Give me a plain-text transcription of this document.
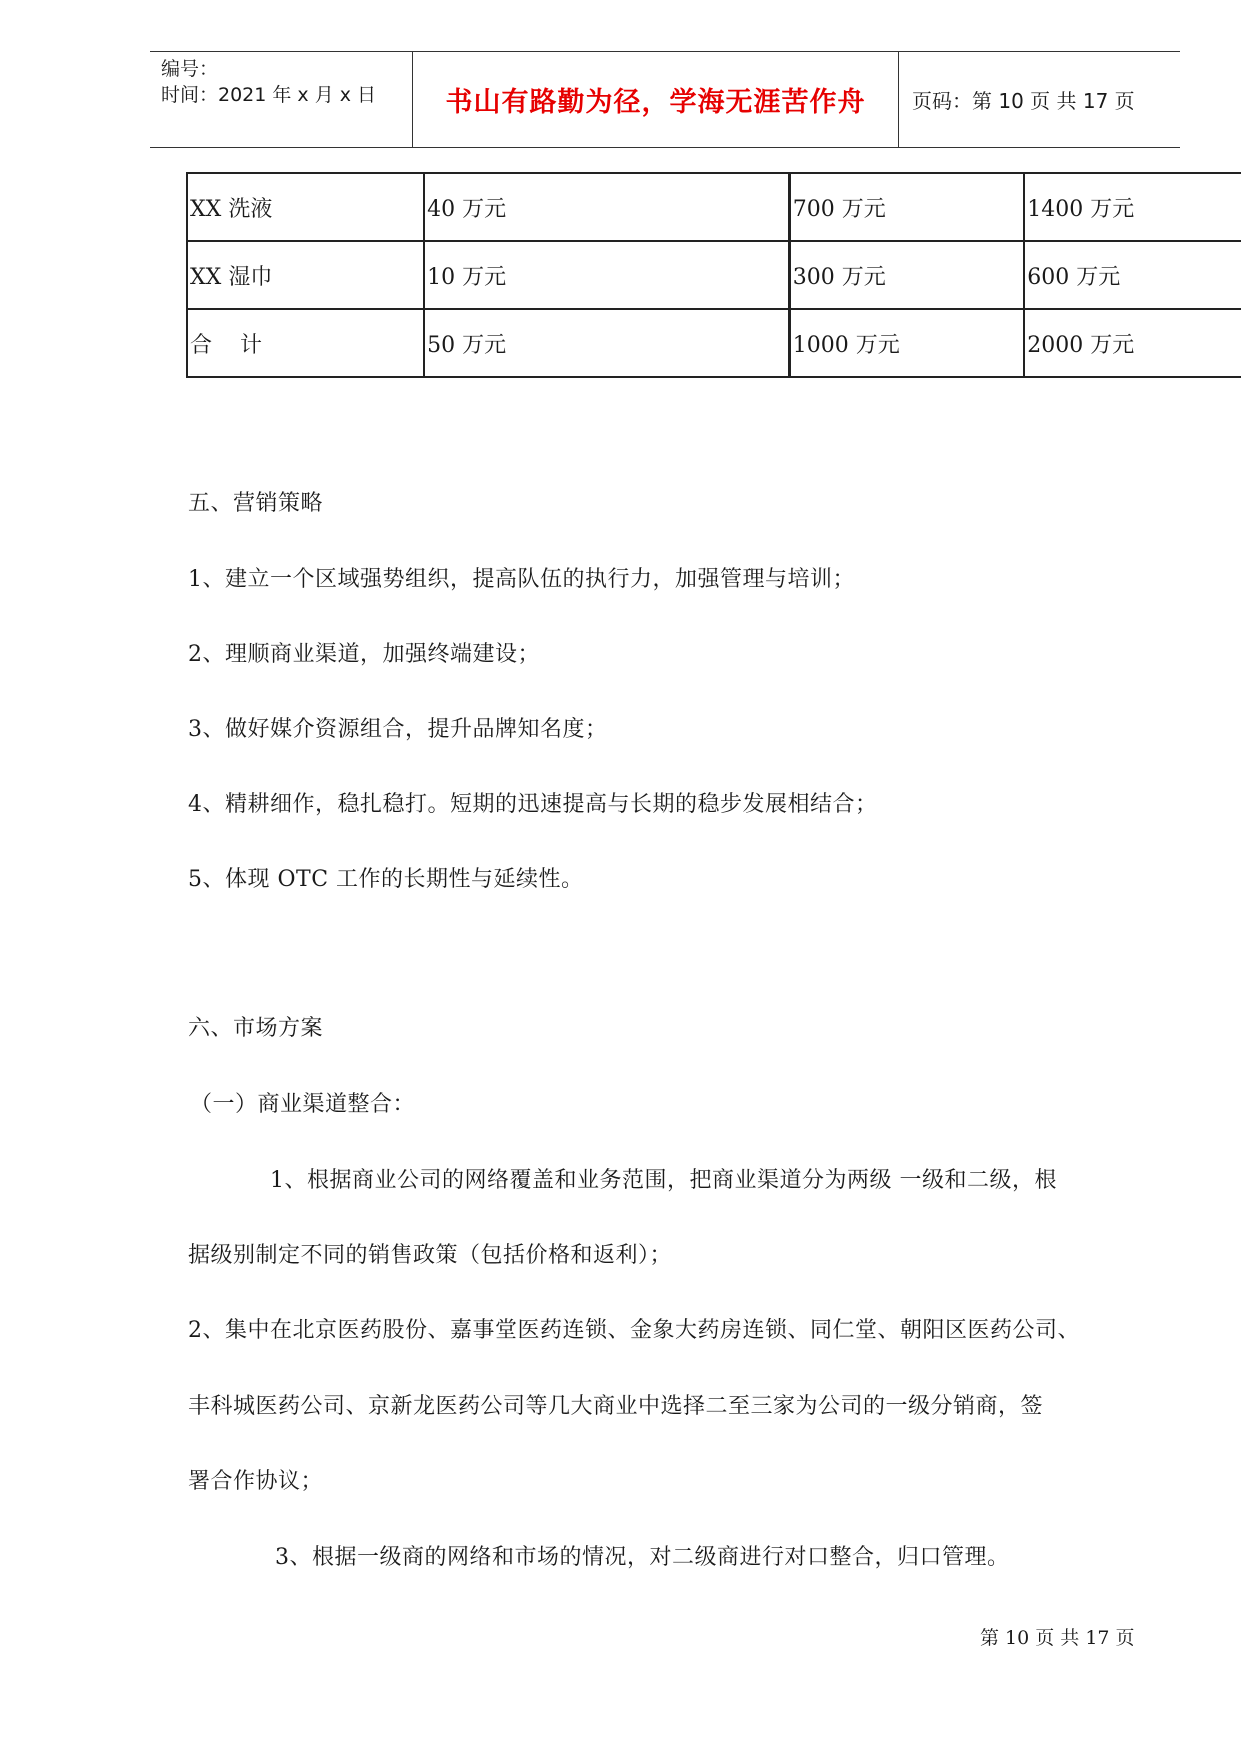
编号：
时间：2021 年 x 月 x 日	书山有路勤为径，学海无涯苦作舟	页码：第 10 页 共 17 页
XX 洗液	40 万元	700 万元	1400 万元
XX 湿巾	10 万元	300 万元	600 万元
合    计	50 万元	1000 万元	2000 万元
五、营销策略
1、建立一个区域强势组织，提高队伍的执行力，加强管理与培训；
2、理顺商业渠道，加强终端建设；
3、做好媒介资源组合，提升品牌知名度；
4、精耕细作，稳扎稳打。短期的迅速提高与长期的稳步发展相结合；
5、体现 OTC 工作的长期性与延续性。
六、市场方案
（一）商业渠道整合：
1、根据商业公司的网络覆盖和业务范围，把商业渠道分为两级 一级和二级，根
据级别制定不同的销售政策（包括价格和返利）；
2、集中在北京医药股份、嘉事堂医药连锁、金象大药房连锁、同仁堂、朝阳区医药公司、
丰科城医药公司、京新龙医药公司等几大商业中选择二至三家为公司的一级分销商，签
署合作协议；
3、根据一级商的网络和市场的情况，对二级商进行对口整合，归口管理。
第 10 页 共 17 页
